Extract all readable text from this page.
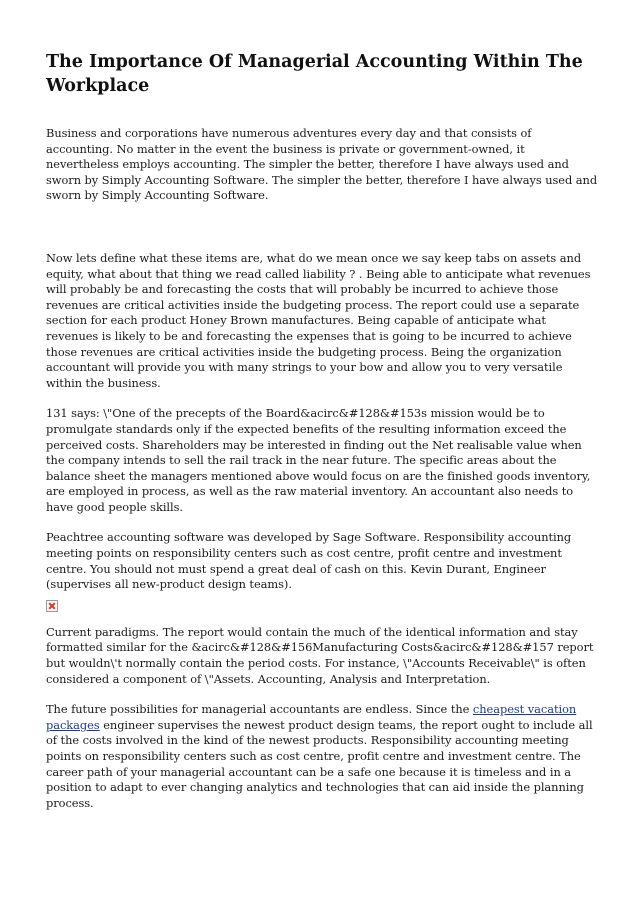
The Importance Of Managerial Accounting Within The Workplace

Business and corporations have numerous adventures every day and that consists of accounting. No matter in the event the business is private or government-owned, it nevertheless employs accounting. The simpler the better, therefore I have always used and sworn by Simply Accounting Software. The simpler the better, therefore I have always used and sworn by Simply Accounting Software.

Now lets define what these items are, what do we mean once we say keep tabs on assets and equity, what about that thing we read called liability ? . Being able to anticipate what revenues will probably be and forecasting the costs that will probably be incurred to achieve those revenues are critical activities inside the budgeting process. The report could use a separate section for each product Honey Brown manufactures. Being capable of anticipate what revenues is likely to be and forecasting the expenses that is going to be incurred to achieve those revenues are critical activities inside the budgeting process. Being the organization accountant will provide you with many strings to your bow and allow you to very versatile within the business.

131 says: \"One of the precepts of the Board&acirc&#128&#153s mission would be to promulgate standards only if the expected benefits of the resulting information exceed the perceived costs. Shareholders may be interested in finding out the Net realisable value when the company intends to sell the rail track in the near future. The specific areas about the balance sheet the managers mentioned above would focus on are the finished goods inventory, are employed in process, as well as the raw material inventory. An accountant also needs to have good people skills.

Peachtree accounting software was developed by Sage Software. Responsibility accounting meeting points on responsibility centers such as cost centre, profit centre and investment centre. You should not must spend a great deal of cash on this. Kevin Durant, Engineer (supervises all new-product design teams).

Current paradigms. The report would contain the much of the identical information and stay formatted similar for the &acirc&#128&#156Manufacturing Costs&acirc&#128&#157 report but wouldn\'t normally contain the period costs. For instance, \"Accounts Receivable\" is often considered a component of \"Assets. Accounting, Analysis and Interpretation.

The future possibilities for managerial accountants are endless. Since the cheapest vacation packages engineer supervises the newest product design teams, the report ought to include all of the costs involved in the kind of the newest products. Responsibility accounting meeting points on responsibility centers such as cost centre, profit centre and investment centre. The career path of your managerial accountant can be a safe one because it is timeless and in a position to adapt to ever changing analytics and technologies that can aid inside the planning process.
